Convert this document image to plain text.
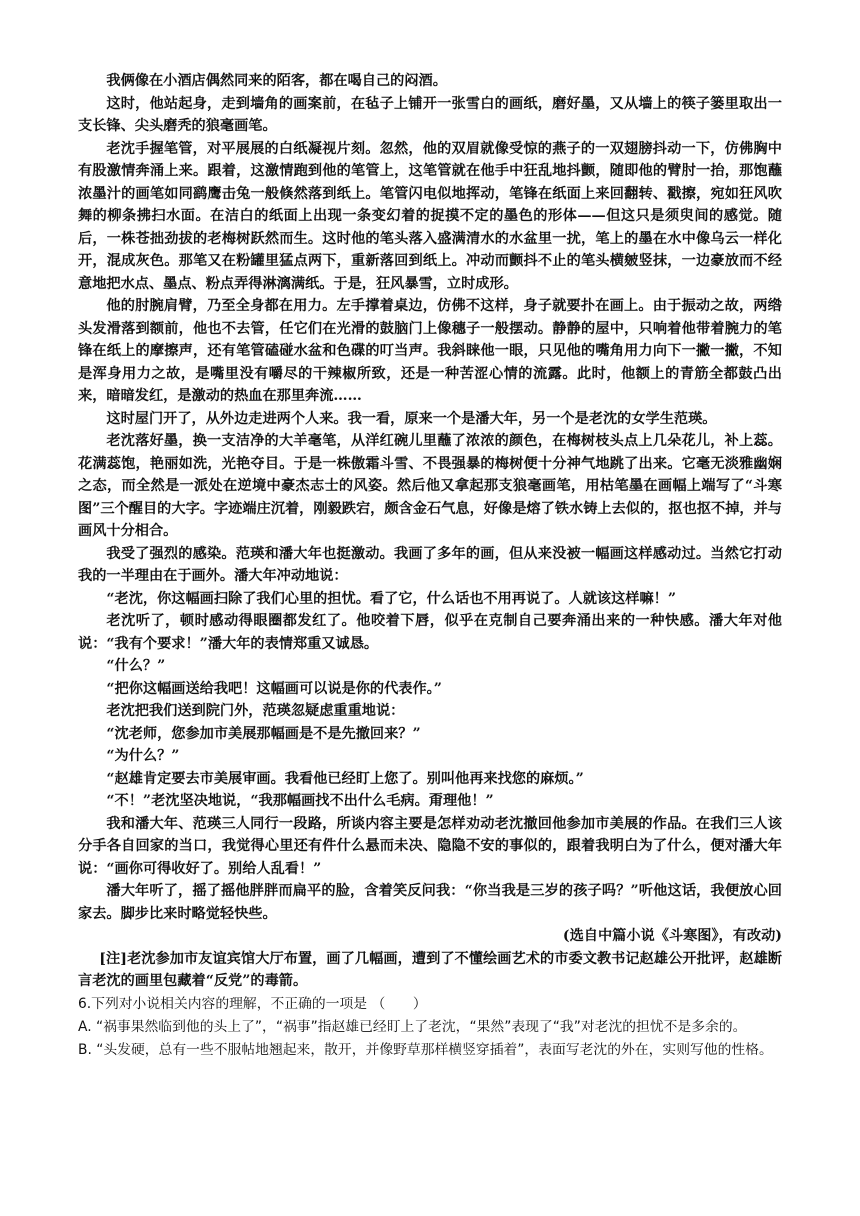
我俩像在小酒店偶然同来的陌客，都在喝自己的闷酒。

这时，他站起身，走到墙角的画案前，在毡子上铺开一张雪白的画纸，磨好墨，又从墙上的筷子篓里取出一支长锋、尖头磨秃的狼毫画笔。

老沈手握笔管，对平展展的白纸凝视片刻。忽然，他的双眉就像受惊的燕子的一双翅膀抖动一下，仿佛胸中有股激情奔涌上来。跟着，这激情跑到他的笔管上，这笔管就在他手中狂乱地抖颤，随即他的臂肘一抬，那饱蘸浓墨汁的画笔如同鹞鹰击兔一般倏然落到纸上。笔管闪电似地挥动，笔锋在纸面上来回翻转、戳擦，宛如狂风吹舞的柳条拂扫水面。在洁白的纸面上出现一条变幻着的捉摸不定的墨色的形体——但这只是须臾间的感觉。随后，一株苍拙劲拔的老梅树跃然而生。这时他的笔头落入盛满清水的水盆里一扰，笔上的墨在水中像乌云一样化开，混成灰色。那笔又在粉罐里猛点两下，重新落回到纸上。冲动而颤抖不止的笔头横皴竖抹，一边豪放而不经意地把水点、墨点、粉点弄得淋漓满纸。于是，狂风暴雪，立时成形。

他的肘腕肩臂，乃至全身都在用力。左手撑着桌边，仿佛不这样，身子就要扑在画上。由于振动之故，两绺头发滑落到额前，他也不去管，任它们在光滑的鼓脑门上像穗子一般摆动。静静的屋中，只响着他带着腕力的笔锋在纸上的摩擦声，还有笔管磕碰水盆和色碟的叮当声。我斜睐他一眼，只见他的嘴角用力向下一撇一撇，不知是浑身用力之故，是嘴里没有嚼尽的干辣椒所致，还是一种苦涩心情的流露。此时，他额上的青筋全都鼓凸出来，暗暗发红，是激动的热血在那里奔流……

这时屋门开了，从外边走进两个人来。我一看，原来一个是潘大年，另一个是老沈的女学生范瑛。

老沈落好墨，换一支洁净的大羊毫笔，从洋红碗儿里蘸了浓浓的颜色，在梅树枝头点上几朵花儿，补上蕊。花满蕊饱，艳丽如洗，光艳夺目。于是一株傲霜斗雪、不畏强暴的梅树便十分神气地跳了出来。它毫无淡雅幽娴之态，而全然是一派处在逆境中豪杰志士的风姿。然后他又拿起那支狼毫画笔，用枯笔墨在画幅上端写了“斗寒图”三个醒目的大字。字迹端庄沉着，刚毅跌宕，颇含金石气息，好像是熔了铁水铸上去似的，抠也抠不掉，并与画风十分相合。

我受了强烈的感染。范瑛和潘大年也挺激动。我画了多年的画，但从来没被一幅画这样感动过。当然它打动我的一半理由在于画外。潘大年冲动地说：

“老沈，你这幅画扫除了我们心里的担忧。看了它，什么话也不用再说了。人就该这样嘛！”

老沈听了，顿时感动得眼圈都发红了。他咬着下唇，似乎在克制自己要奔涌出来的一种快感。潘大年对他说：“我有个要求！”潘大年的表情郑重又诚恳。

“什么？”

“把你这幅画送给我吧！这幅画可以说是你的代表作。”

老沈把我们送到院门外，范瑛忽疑虑重重地说：

“沈老师，您参加市美展那幅画是不是先撤回来？”

“为什么？”

“赵雄肯定要去市美展审画。我看他已经盯上您了。别叫他再来找您的麻烦。”

“不！”老沈坚决地说，“我那幅画找不出什么毛病。甭理他！”

我和潘大年、范瑛三人同行一段路，所谈内容主要是怎样劝动老沈撤回他参加市美展的作品。在我们三人该分手各自回家的当口，我觉得心里还有件什么悬而未决、隐隐不安的事似的，跟着我明白为了什么，便对潘大年说：“画你可得收好了。别给人乱看！”

潘大年听了，摇了摇他胖胖而扁平的脸，含着笑反问我：“你当我是三岁的孩子吗？”听他这话，我便放心回家去。脚步比来时略觉轻快些。

(选自中篇小说《斗寒图》，有改动)

[注]老沈参加市友谊宾馆大厅布置，画了几幅画，遭到了不懂绘画艺术的市委文教书记赵雄公开批评，赵雄断言老沈的画里包藏着“反党”的毒箭。

6.下列对小说相关内容的理解，不正确的一项是 （　　）

A. “祸事果然临到他的头上了”，“祸事”指赵雄已经盯上了老沈，“果然”表现了“我”对老沈的担忧不是多余的。

B. “头发硬，总有一些不服帖地翘起来，散开，并像野草那样横竖穿插着”，表面写老沈的外在，实则写他的性格。
